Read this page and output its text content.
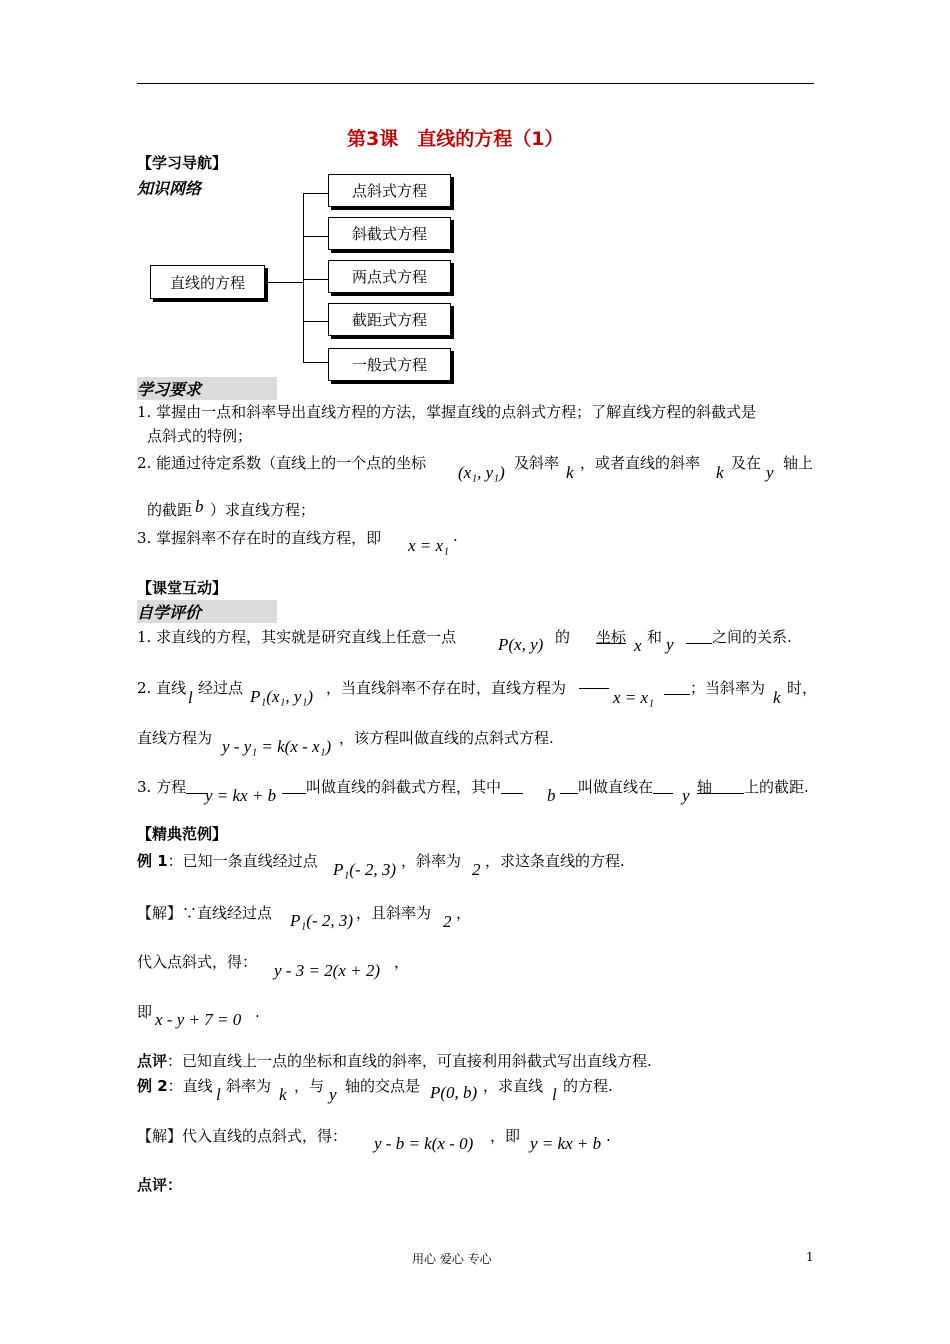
第3课　直线的方程（1）
【学习导航】
知识网络
直线的方程
点斜式方程
斜截式方程
两点式方程
截距式方程
一般式方程
学习要求
1. 掌握由一点和斜率导出直线方程的方法，掌握直线的点斜式方程；了解直线方程的斜截式是
点斜式的特例；
2. 能通过待定系数（直线上的一个点的坐标 (x₁, y₁) 及斜率 k ，或者直线的斜率 k 及在 y 轴上
的截距 b ）求直线方程；
3. 掌握斜率不存在时的直线方程，即 x = x₁ .
【课堂互动】
自学评价
1. 求直线的方程，其实就是研究直线上任意一点 P(x, y) 的	坐标 x 和 y	之间的关系.
2. 直线 l 经过点 P₁(x₁, y₁) ，当直线斜率不存在时，直线方程为	x = x₁	；当斜率为 k 时，
直线方程为 y - y₁ = k(x - x₁) ，该方程叫做直线的点斜式方程.
3. 方程	y = kx + b	叫做直线的斜截式方程，其中	b	叫做直线在	y 轴 上的截距.
【精典范例】
例 1：已知一条直线经过点 P₁(- 2, 3) ，斜率为 2 ，求这条直线的方程.
【解】∵直线经过点 P₁(- 2, 3) ，且斜率为 2 ，
代入点斜式，得： y - 3 = 2(x + 2) ，
即 x - y + 7 = 0 .
点评：已知直线上一点的坐标和直线的斜率，可直接利用斜截式写出直线方程.
例 2：直线 l 斜率为 k ，与 y 轴的交点是 P(0, b) ，求直线 l 的方程.
【解】代入直线的点斜式，得： y - b = k(x - 0) ，即 y = kx + b .
点评：
用心 爱心 专心	1
